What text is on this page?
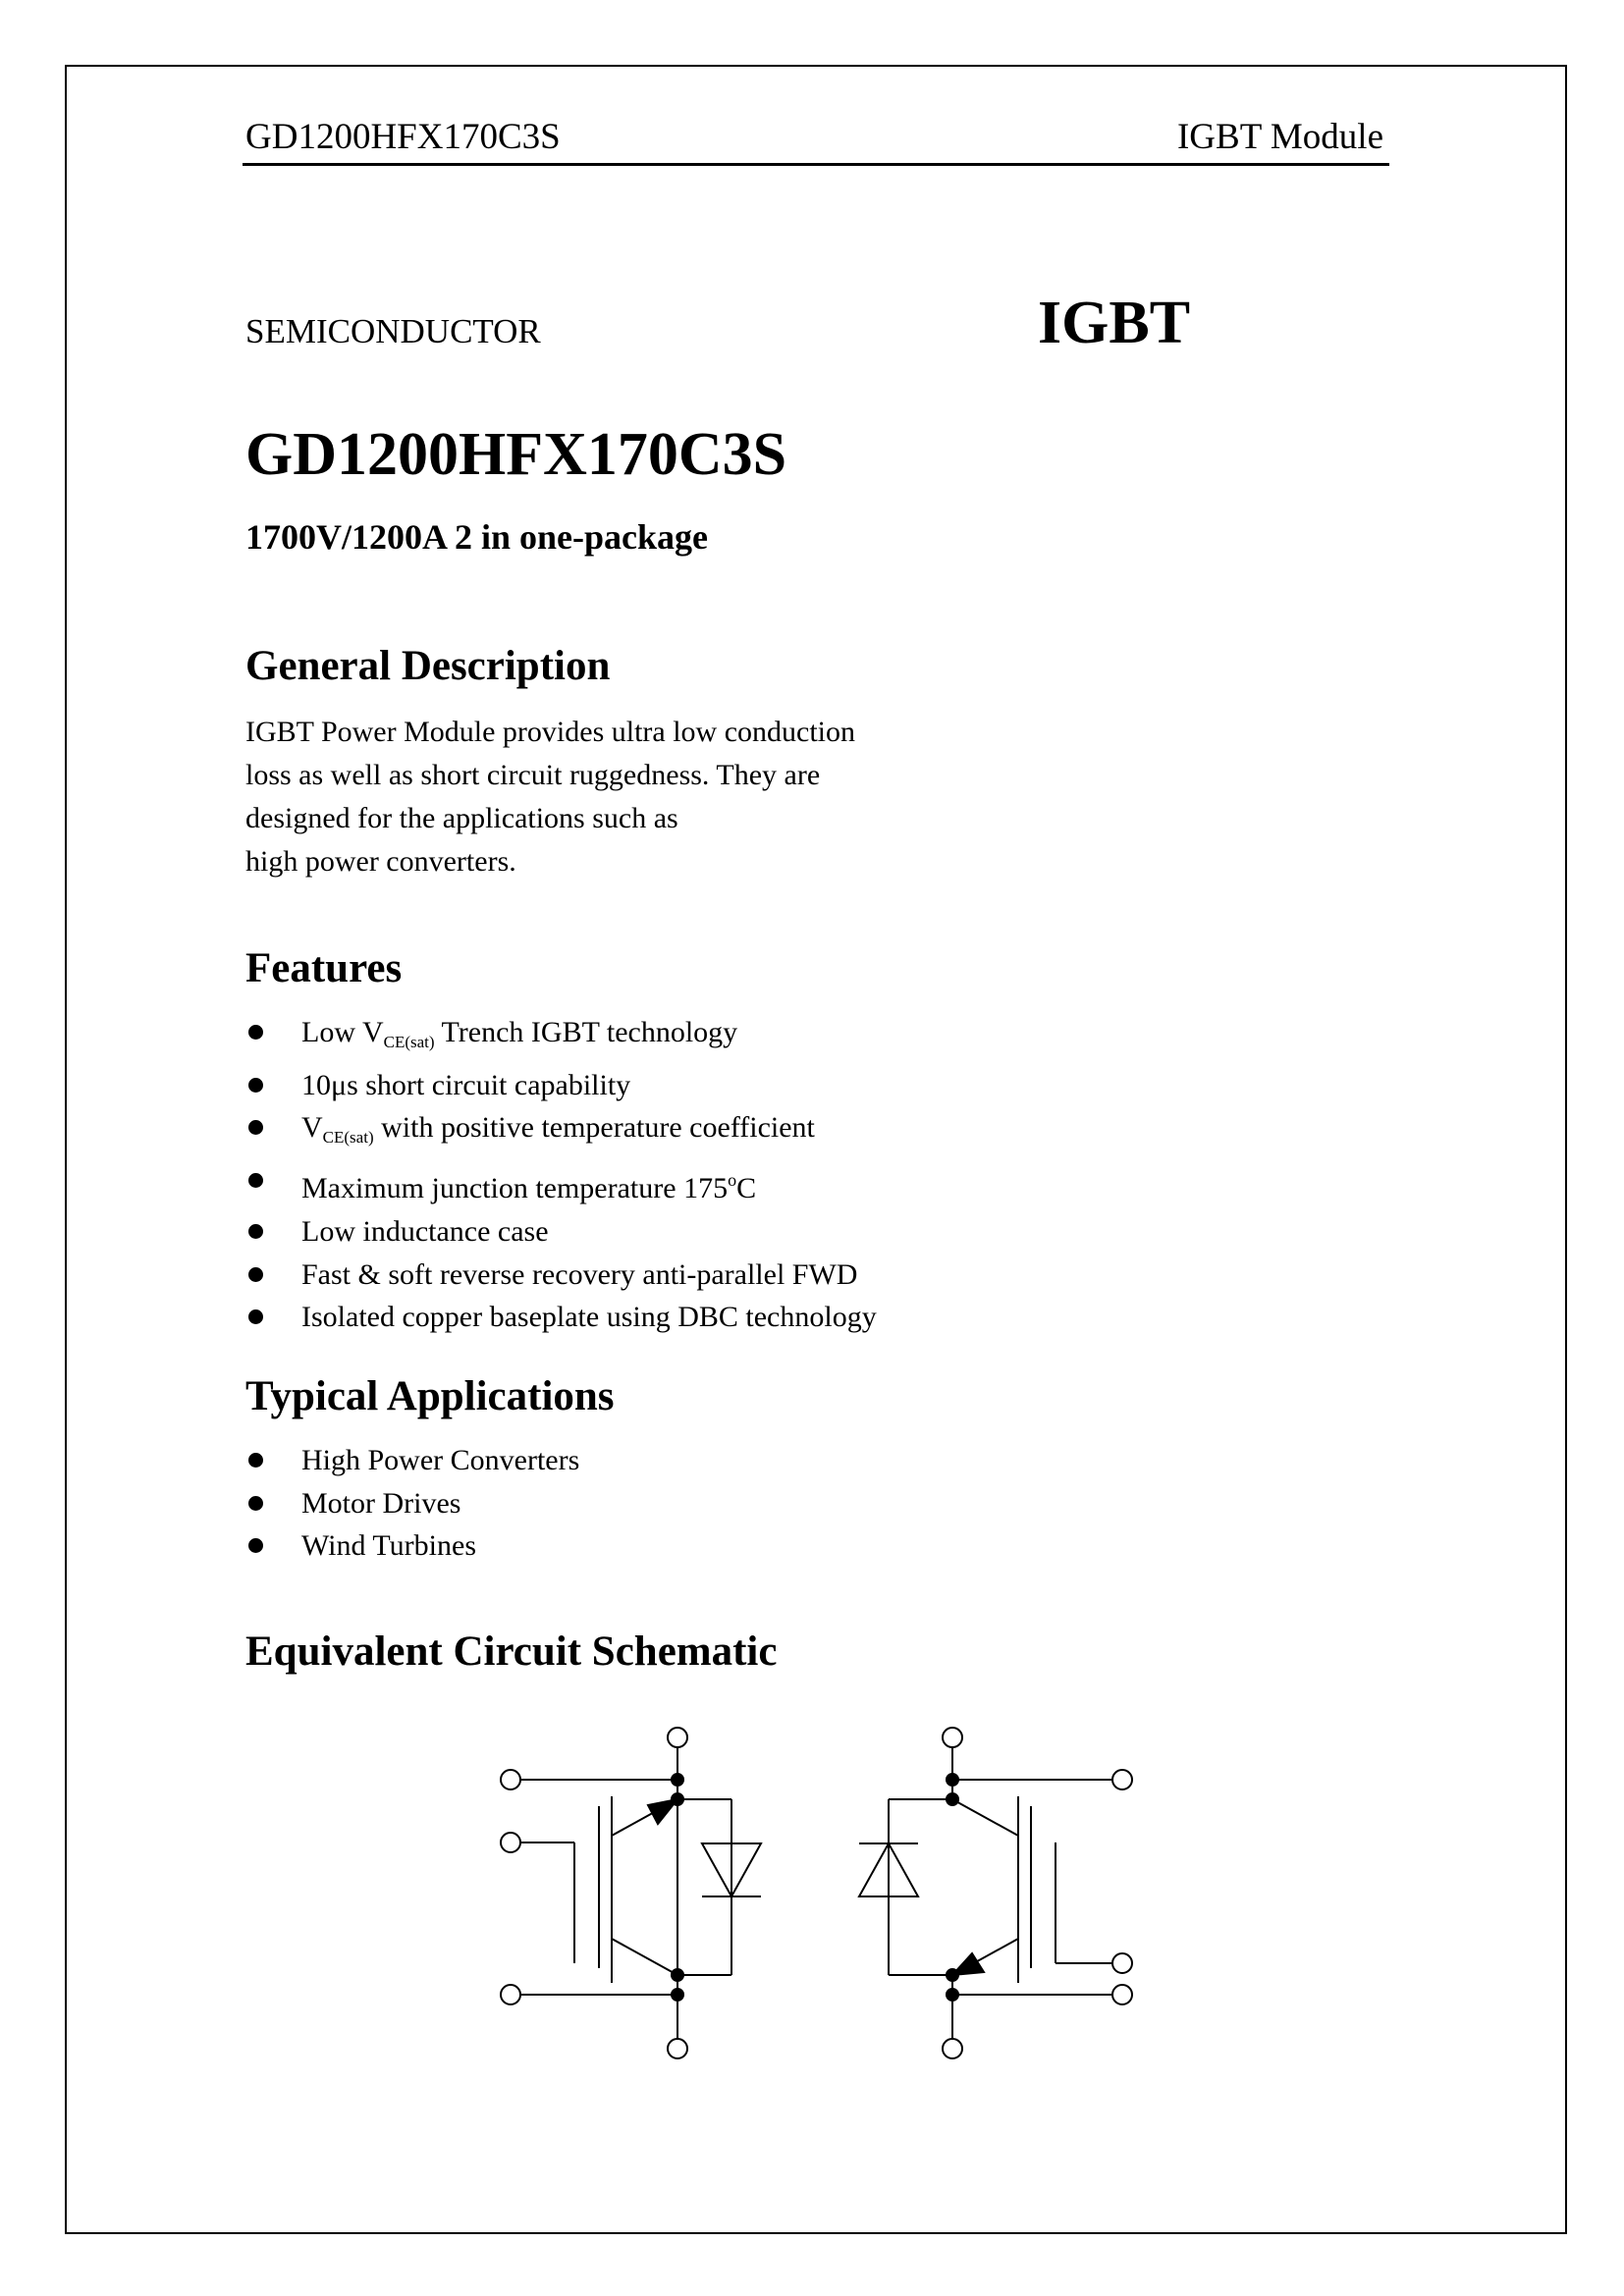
GD1200HFX170C3S	IGBT Module
SEMICONDUCTOR	IGBT
GD1200HFX170C3S
1700V/1200A 2 in one-package
General Description
IGBT Power Module provides ultra low conduction
loss as well as short circuit ruggedness. They are
designed for the applications such as
high power converters.
Features
Low $V_{CE(sat)}$ Trench IGBT technology
10μs short circuit capability
$V_{CE(sat)}$ with positive temperature coefficient
Maximum junction temperature 175$^o$C
Low inductance case
Fast & soft reverse recovery anti-parallel FWD
Isolated copper baseplate using DBC technology
Typical Applications
High Power Converters
Motor Drives
Wind Turbines
Equivalent Circuit Schematic
